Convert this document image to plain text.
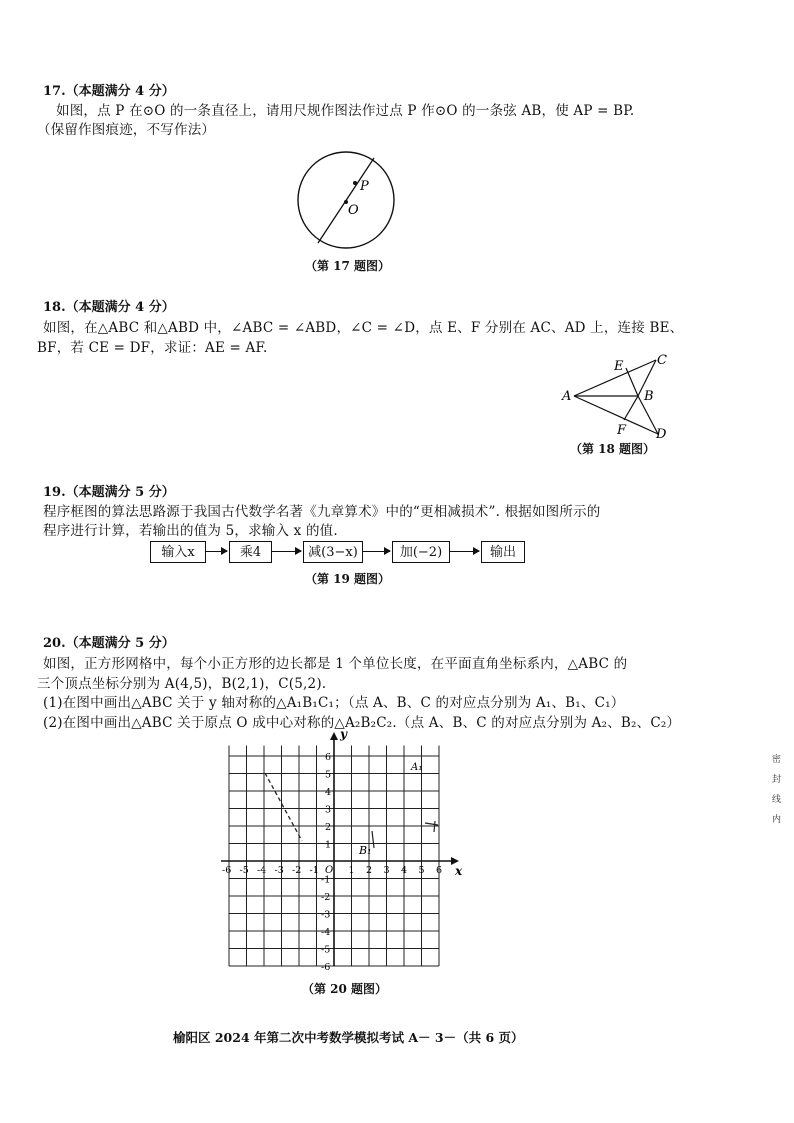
17.（本题满分 4 分）
如图，点 P 在⊙O 的一条直径上，请用尺规作图法作过点 P 作⊙O 的一条弦 AB，使 AP = BP.
（保留作图痕迹，不写作法）
P
O
（第 17 题图）
18.（本题满分 4 分）
如图，在△ABC 和△ABD 中，∠ABC = ∠ABD，∠C = ∠D，点 E、F 分别在 AC、AD 上，连接 BE、
BF，若 CE = DF，求证：AE = AF.
A	B
C
D
E
F
（第 18 题图）
19.（本题满分 5 分）
程序框图的算法思路源于我国古代数学名著《九章算术》中的“更相减损术”. 根据如图所示的
程序进行计算，若输出的值为 5，求输入 x 的值.
输入x	乘4	减(3−x)	加(−2)	输出
（第 19 题图）
20.（本题满分 5 分）
如图，正方形网格中，每个小正方形的边长都是 1 个单位长度，在平面直角坐标系内，△ABC 的
三个顶点坐标分别为 A(4,5)，B(2,1)，C(5,2).
(1)在图中画出△ABC 关于 y 轴对称的△A₁B₁C₁；（点 A、B、C 的对应点分别为 A₁、B₁、C₁）
(2)在图中画出△ABC 关于原点 O 成中心对称的△A₂B₂C₂.（点 A、B、C 的对应点分别为 A₂、B₂、C₂）
x
y
O
-6 -5 -4 -3 -2 -1	1 2 3 4 5 6
6
5
4
3
2
1
-1
-2
-3
-4
-5
-6
A₁
B₁
（第 20 题图）
密
封
线
内
榆阳区 2024 年第二次中考数学模拟考试 A－ 3－（共 6 页）
